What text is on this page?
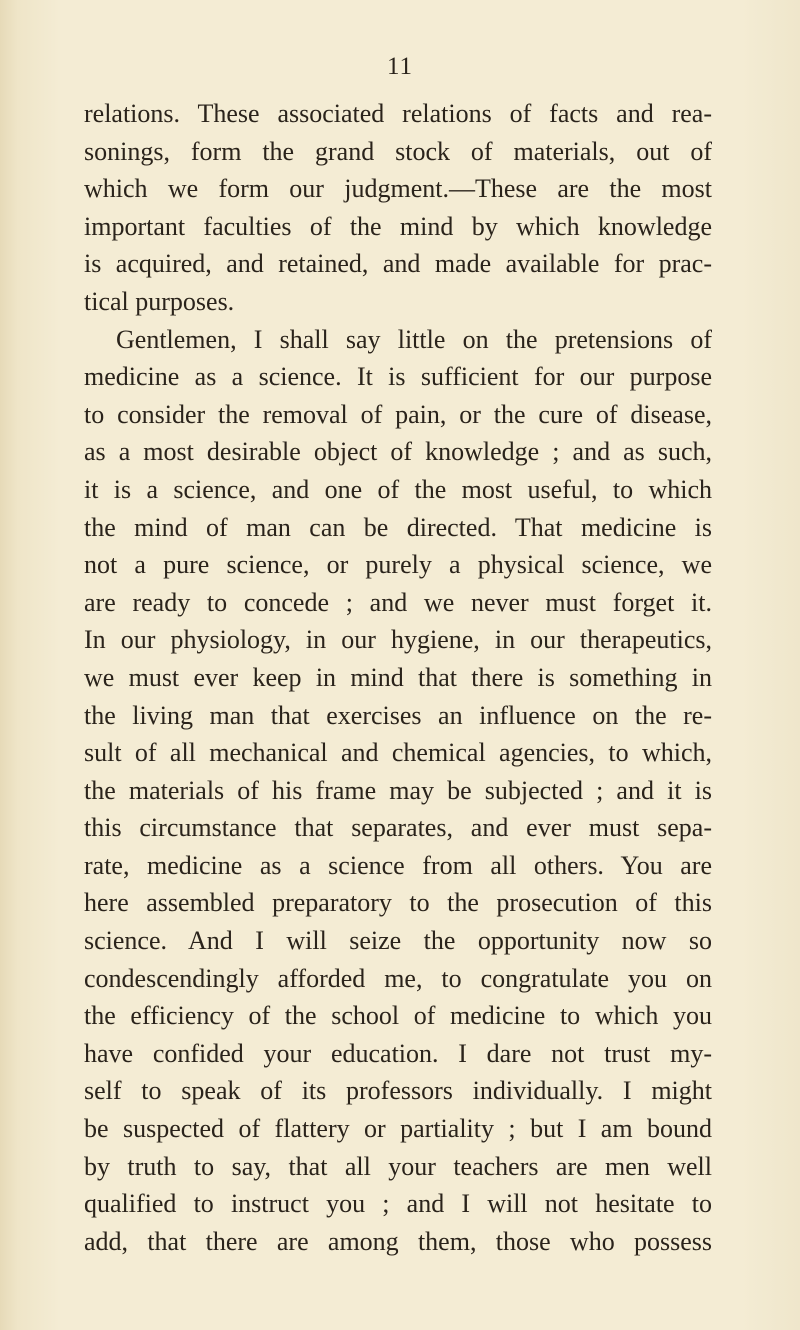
11
relations. These associated relations of facts and rea-
sonings, form the grand stock of materials, out of
which we form our judgment.—These are the most
important faculties of the mind by which knowledge
is acquired, and retained, and made available for prac-
tical purposes.
Gentlemen, I shall say little on the pretensions of
medicine as a science. It is sufficient for our purpose
to consider the removal of pain, or the cure of disease,
as a most desirable object of knowledge ; and as such,
it is a science, and one of the most useful, to which
the mind of man can be directed. That medicine is
not a pure science, or purely a physical science, we
are ready to concede ; and we never must forget it.
In our physiology, in our hygiene, in our therapeutics,
we must ever keep in mind that there is something in
the living man that exercises an influence on the re-
sult of all mechanical and chemical agencies, to which,
the materials of his frame may be subjected ; and it is
this circumstance that separates, and ever must sepa-
rate, medicine as a science from all others. You are
here assembled preparatory to the prosecution of this
science. And I will seize the opportunity now so
condescendingly afforded me, to congratulate you on
the efficiency of the school of medicine to which you
have confided your education. I dare not trust my-
self to speak of its professors individually. I might
be suspected of flattery or partiality ; but I am bound
by truth to say, that all your teachers are men well
qualified to instruct you ; and I will not hesitate to
add, that there are among them, those who possess
